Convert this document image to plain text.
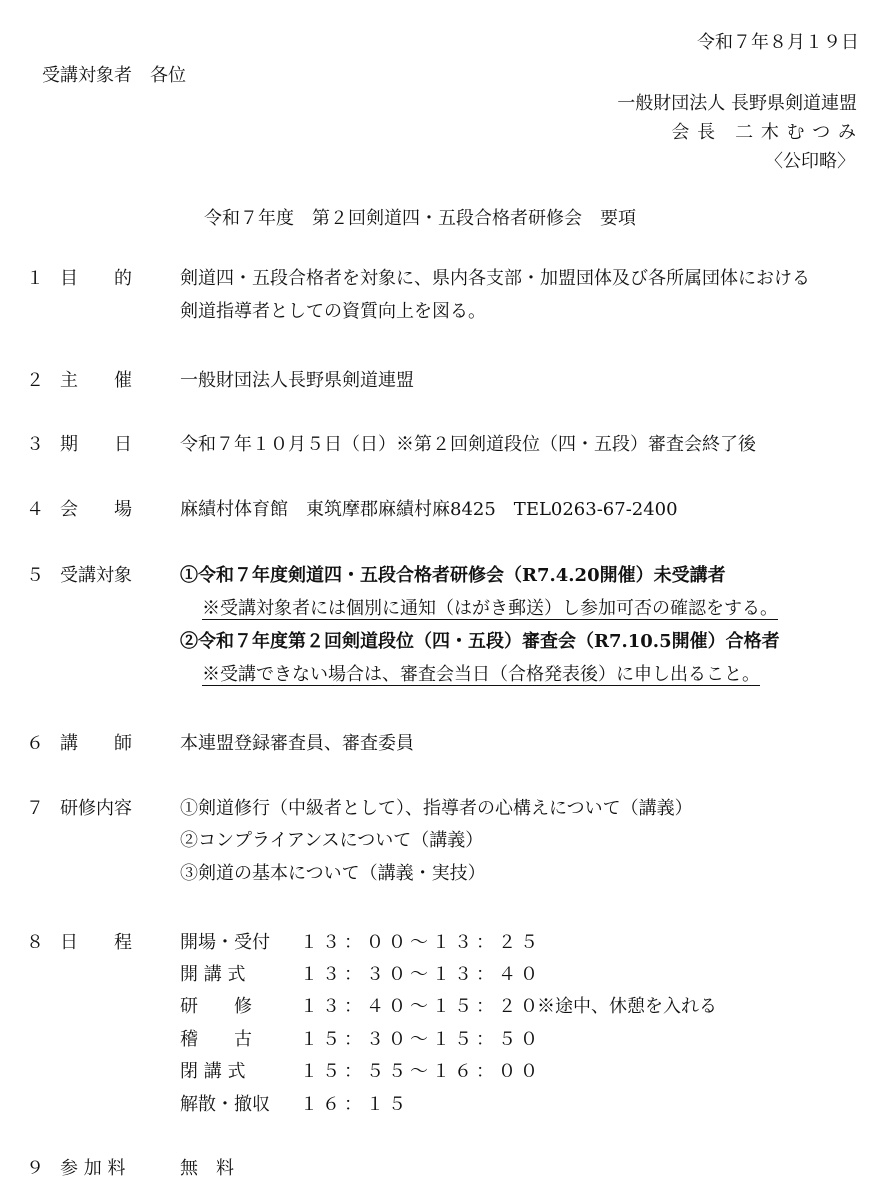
令和７年８月１９日
受講対象者　各位
一般財団法人 長野県剣道連盟
会 長　二 木 む つ み
〈公印略〉
令和７年度　第２回剣道四・五段合格者研修会　要項
１ 目　　的	剣道四・五段合格者を対象に、県内各支部・加盟団体及び各所属団体における
剣道指導者としての資質向上を図る。
２ 主　　催	一般財団法人長野県剣道連盟
３ 期　　日	令和７年１０月５日（日）※第２回剣道段位（四・五段）審査会終了後
４ 会　　場	麻績村体育館　東筑摩郡麻績村麻8425　TEL0263-67-2400
５ 受講対象	①令和７年度剣道四・五段合格者研修会（R7.4.20開催）未受講者
※受講対象者には個別に通知（はがき郵送）し参加可否の確認をする。
②令和７年度第２回剣道段位（四・五段）審査会（R7.10.5開催）合格者
※受講できない場合は、審査会当日（合格発表後）に申し出ること。
６ 講　　師	本連盟登録審査員、審査委員
７ 研修内容	①剣道修行（中級者として）、指導者の心構えについて（講義）
②コンプライアンスについて（講義）
③剣道の基本について（講義・実技）
８ 日　　程	開場・受付 １３：００～１３：２５
開 講 式	１３：３０～１３：４０
研　　修	１３：４０～１５：２０
※途中、休憩を入れる
稽　　古	１５：３０～１５：５０
閉 講 式	１５：５５～１６：００
解散・撤収 １６：１５
９ 参 加 料	無　料
